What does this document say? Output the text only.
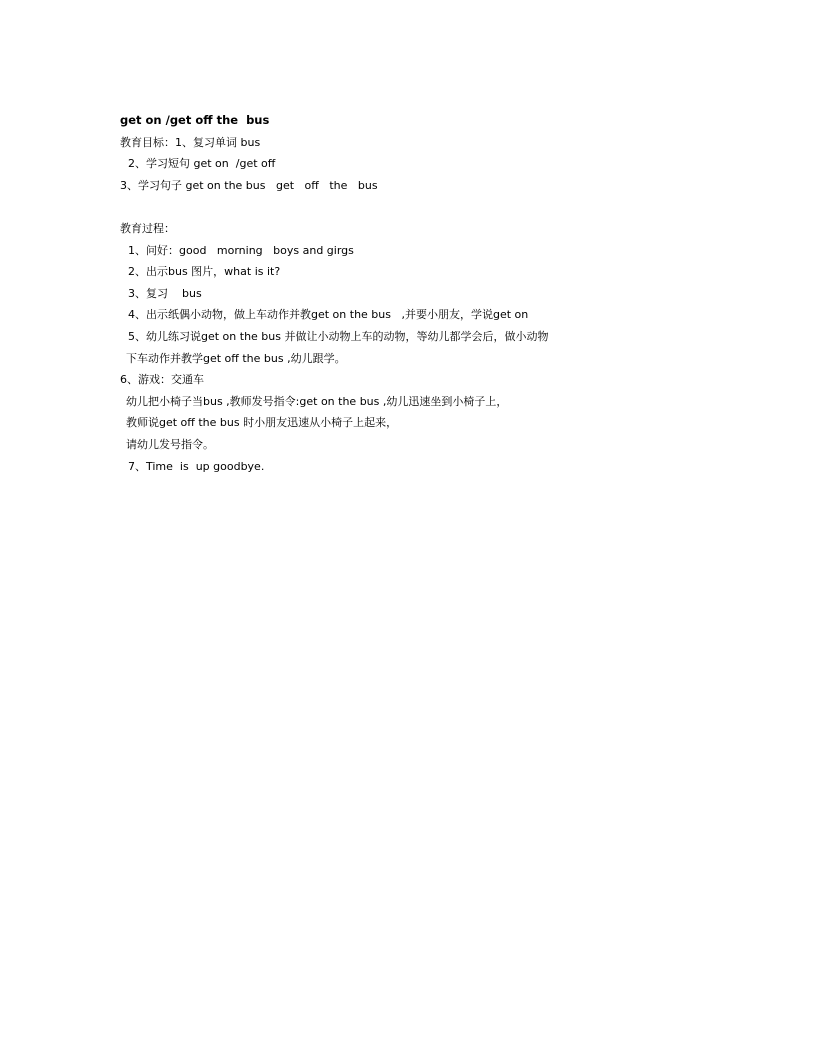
get on /get off the  bus
教育目标：1、复习单词 bus
2、学习短句 get on  /get off
3、学习句子 get on the bus   get   off   the   bus
教育过程：
1、问好：good   morning   boys and girgs
2、出示bus 图片，what is it?
3、复习    bus
4、出示纸偶小动物，做上车动作并教get on the bus   ,并要小朋友，学说get on
5、幼儿练习说get on the bus 并做让小动物上车的动物，等幼儿都学会后，做小动物
下车动作并教学get off the bus ,幼儿跟学。
6、游戏：交通车
幼儿把小椅子当bus ,教师发号指令:get on the bus ,幼儿迅速坐到小椅子上，
教师说get off the bus 时小朋友迅速从小椅子上起来，
请幼儿发号指令。
7、Time  is  up goodbye.
